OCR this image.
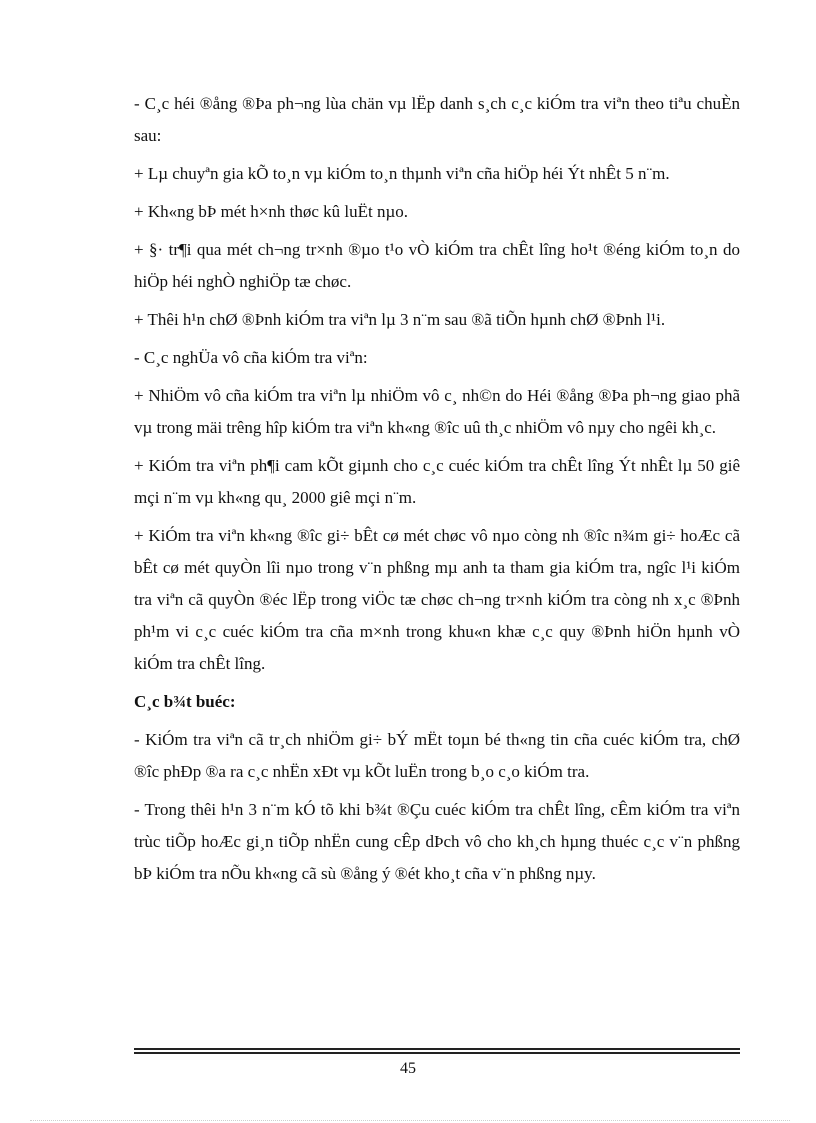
- C¸c héi ®ång ®Þa ph¬ng lùa chän vµ lËp danh s¸ch c¸c kiÓm tra viªn theo tiªu chuÈn sau:

+ Lµ chuyªn gia kÕ to¸n vµ kiÓm to¸n thµnh viªn cña hiÖp héi Ýt nhÊt 5 n¨m.

+ Kh«ng bÞ mét h×nh thøc kû luËt nµo.

+ §· tr¶i qua mét ch¬ng tr×nh ®µo t¹o vÒ kiÓm tra chÊt lîng ho¹t ®éng kiÓm to¸n do hiÖp héi nghÒ nghiÖp tæ chøc.

+ Thêi h¹n chØ ®Þnh kiÓm tra viªn lµ 3 n¨m sau ®ã tiÕn hµnh chØ ®Þnh l¹i.

- C¸c nghÜa vô cña kiÓm tra viªn:

+ NhiÖm vô cña kiÓm tra viªn lµ nhiÖm vô c¸ nh©n do Héi ®ång ®Þa ph¬ng giao phã vµ trong mäi trêng hîp kiÓm tra viªn kh«ng ®îc uû th¸c nhiÖm vô nµy cho ngêi kh¸c.

+ KiÓm tra viªn ph¶i cam kÕt giµnh cho c¸c cuéc kiÓm tra chÊt lîng Ýt nhÊt lµ 50 giê mçi n¨m vµ kh«ng qu¸ 2000 giê mçi n¨m.

+ KiÓm tra viªn kh«ng ®îc gi÷ bÊt cø mét chøc vô nµo còng nh ®îc n¾m gi÷ hoÆc cã bÊt cø mét quyÒn lîi nµo trong v¨n phßng mµ anh ta tham gia kiÓm tra, ngîc l¹i kiÓm tra viªn cã quyÒn ®éc lËp trong viÖc tæ chøc ch¬ng tr×nh kiÓm tra còng nh x¸c ®Þnh ph¹m vi c¸c cuéc kiÓm tra cña m×nh trong khu«n khæ c¸c quy ®Þnh hiÖn hµnh vÒ kiÓm tra chÊt lîng.

C¸c b¾t buéc:

- KiÓm tra viªn cã tr¸ch nhiÖm gi÷ bÝ mËt toµn bé th«ng tin cña cuéc kiÓm tra, chØ ®îc phÐp ®a ra c¸c nhËn xÐt vµ kÕt luËn trong b¸o c¸o kiÓm tra.

- Trong thêi h¹n 3 n¨m kÓ tõ khi b¾t ®Çu cuéc kiÓm tra chÊt lîng, cÊm kiÓm tra viªn trùc tiÕp hoÆc gi¸n tiÕp nhËn cung cÊp dÞch vô cho kh¸ch hµng thuéc c¸c v¨n phßng bÞ kiÓm tra nÕu kh«ng cã sù ®ång ý ®ét kho¸t cña v¨n phßng nµy.

45
